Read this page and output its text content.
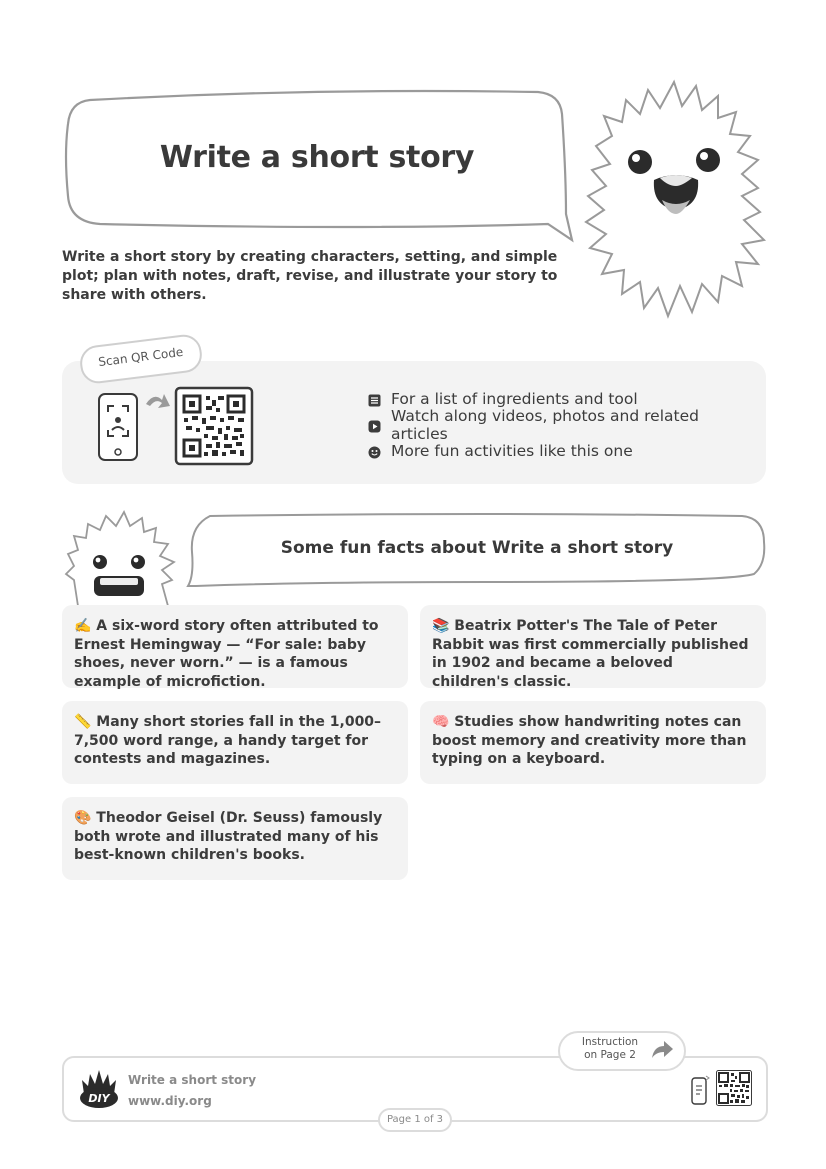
Write a short story
Write a short story by creating characters, setting, and simple plot; plan with notes, draft, revise, and illustrate your story to share with others.
Scan QR Code
For a list of ingredients and tool
Watch along videos, photos and related articles
More fun activities like this one
Some fun facts about Write a short story
✍️ A six-word story often attributed to Ernest Hemingway — “For sale: baby shoes, never worn.” — is a famous example of microfiction.
📚 Beatrix Potter's The Tale of Peter Rabbit was first commercially published in 1902 and became a beloved children's classic.
📏 Many short stories fall in the 1,000–7,500 word range, a handy target for contests and magazines.
🧠 Studies show handwriting notes can boost memory and creativity more than typing on a keyboard.
🎨 Theodor Geisel (Dr. Seuss) famously both wrote and illustrated many of his best-known children's books.
Instruction
on Page 2
DIY
Write a short story
www.diy.org
Page 1 of 3
